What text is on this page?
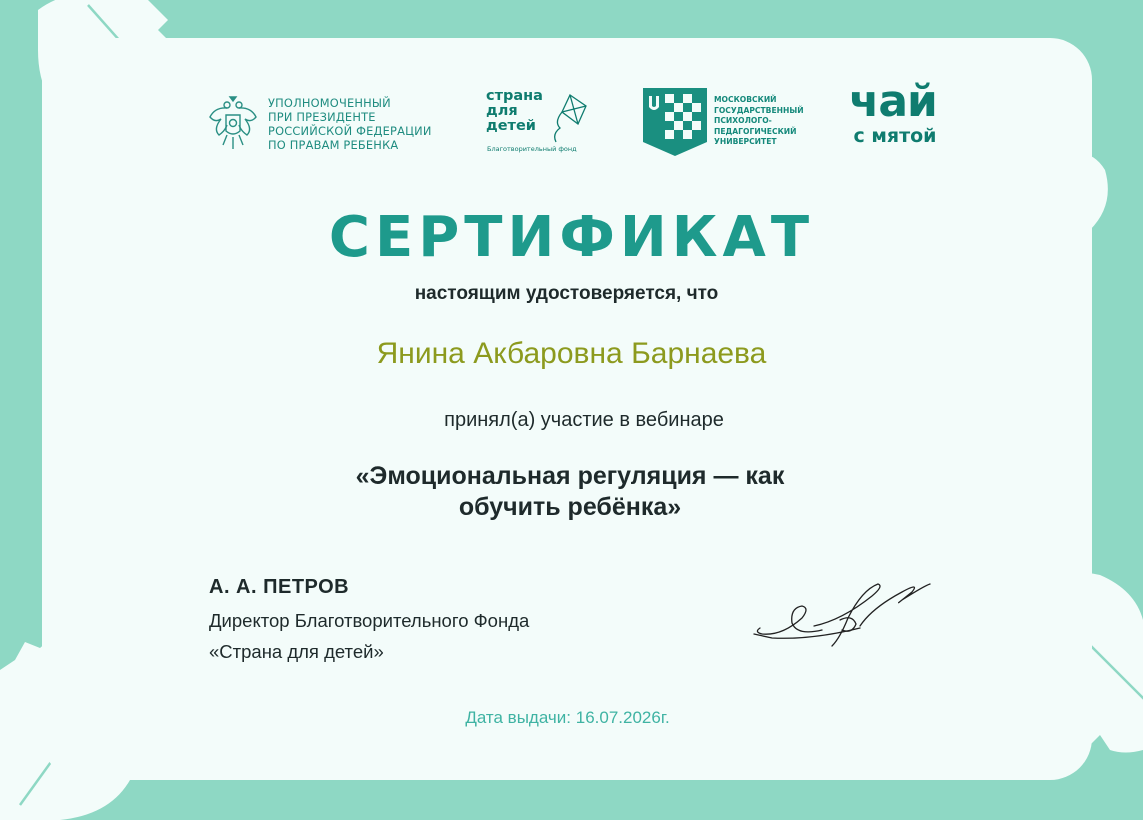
УПОЛНОМОЧЕННЫЙ
ПРИ ПРЕЗИДЕНТЕ
РОССИЙСКОЙ ФЕДЕРАЦИИ
ПО ПРАВАМ РЕБЕНКА
страна
для
детей
Благотворительный фонд
МОСКОВСКИЙ
ГОСУДАРСТВЕННЫЙ
ПСИХОЛОГО-
ПЕДАГОГИЧЕСКИЙ
УНИВЕРСИТЕТ
чай
с мятой
СЕРТИФИКАТ
настоящим удостоверяется, что
Янина Акбаровна Барнаева
принял(а) участие в вебинаре
«Эмоциональная регуляция — как
обучить ребёнка»
А. А. ПЕТРОВ
Директор Благотворительного Фонда
«Страна для детей»
Дата выдачи: 16.07.2026г.
